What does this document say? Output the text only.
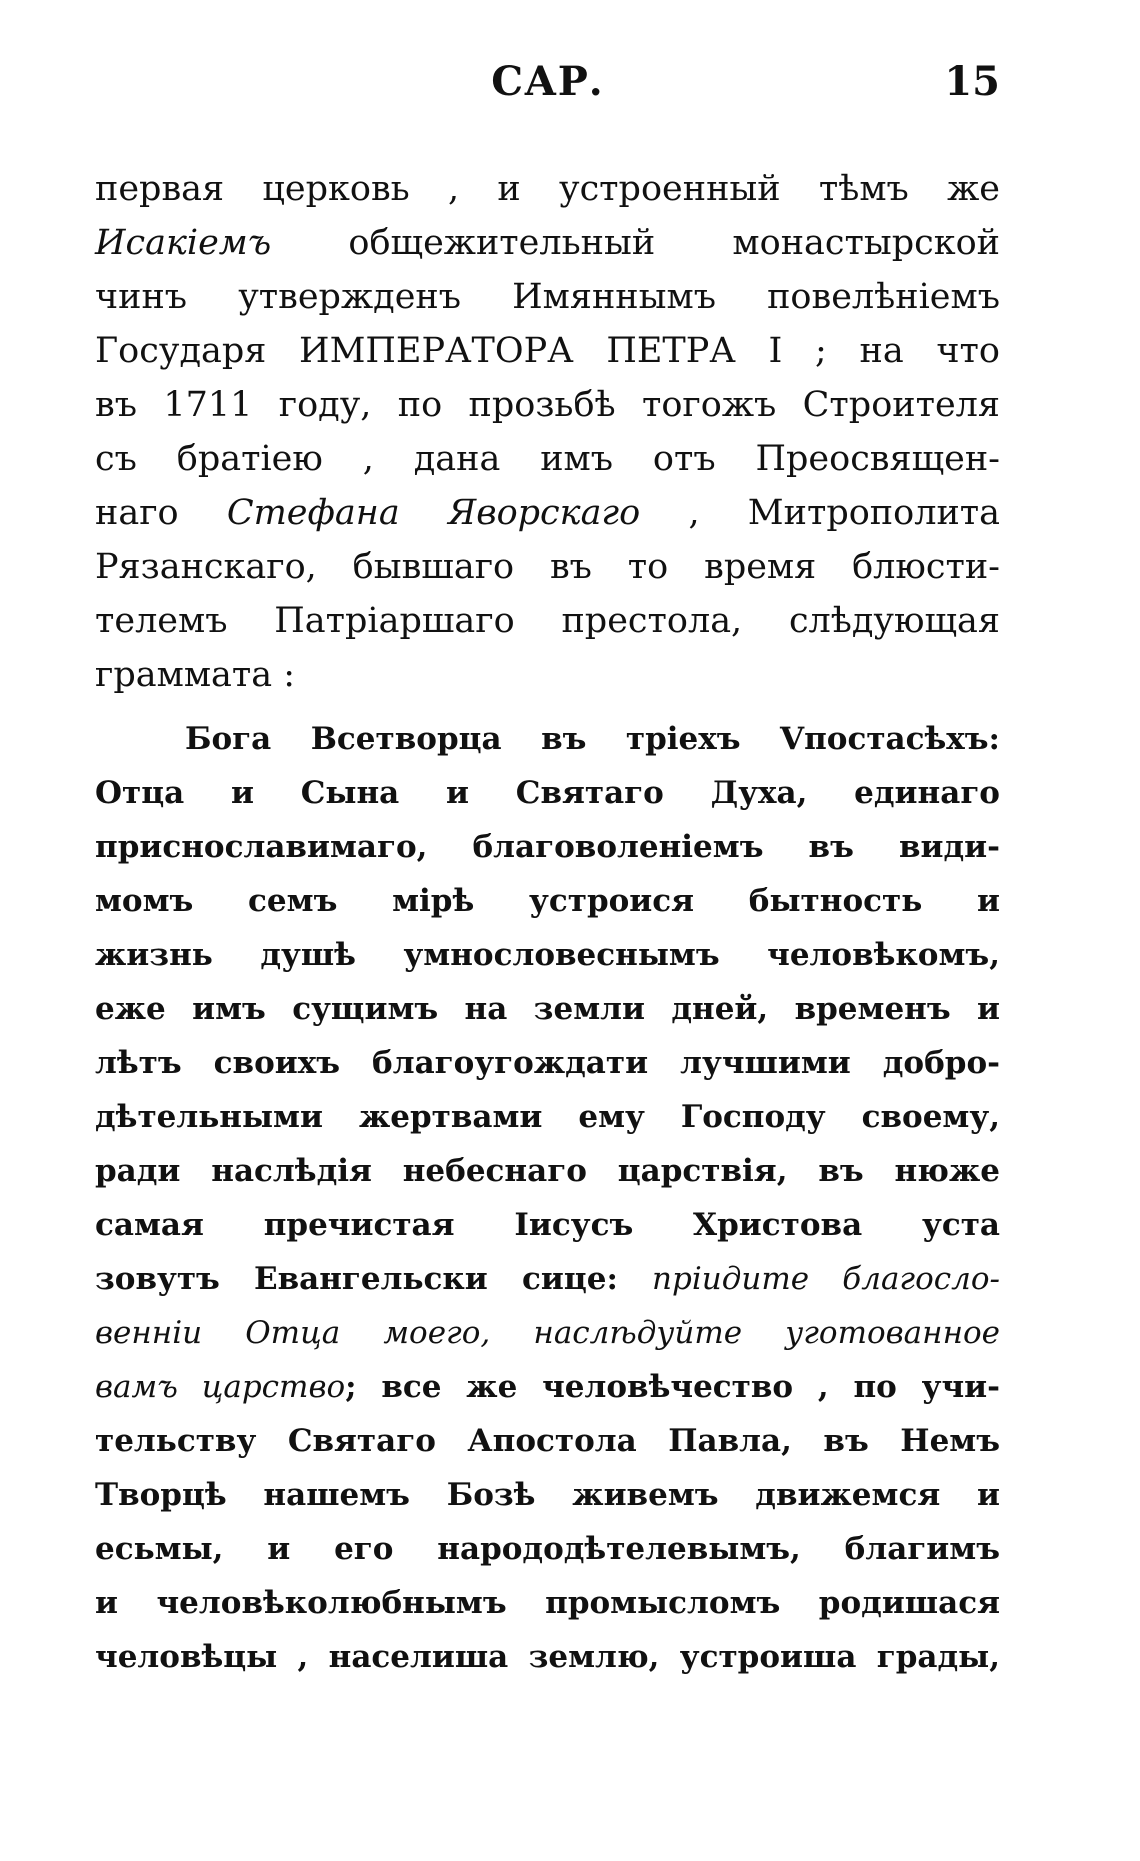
САР.	15
первая церковь , и устроенный тѣмъ же
Исакіемъ общежительный монастырской
чинъ утвержденъ Имяннымъ повелѣніемъ
Государя ИМПЕРАТОРА ПЕТРА I ; на что
въ 1711 году, по прозьбѣ тогожъ Строителя
съ братіею , дана имъ отъ Преосвящен-
наго Стефана Яворскаго , Митрополита
Рязанскаго, бывшаго въ то время блюсти-
телемъ Патріаршаго престола, слѣдующая
грамматa :
Бога Всетворца въ тріехъ Vпостасѣхъ:
Отца и Сына и Святаго Духа, единаго
присноcлавимаго, благоволеніемъ въ види-
момъ семъ мірѣ устроися бытность и
жизнь душѣ умнословеснымъ человѣкомъ,
еже имъ сущимъ на земли дней, временъ и
лѣтъ своихъ благоугождати лучшими добро-
дѣтельными жертвами ему Господу своему,
ради наслѣдія небеснаго царствія, въ нюже
самая пречистая Іисусъ Христова уста
зовутъ Евангельски сице: пріидите благосло-
веннiи Отца моего, наслѣдуйте уготованное
вамъ царство; все же человѣчество , по учи-
тельству Святаго Апостола Павла, въ Немъ
Творцѣ нашемъ Бозѣ живемъ движемся и
есьмы, и его народодѣтелевымъ, благимъ
и человѣколюбнымъ промысломъ родишася
человѣцы , населиша землю, устроиша грады,
